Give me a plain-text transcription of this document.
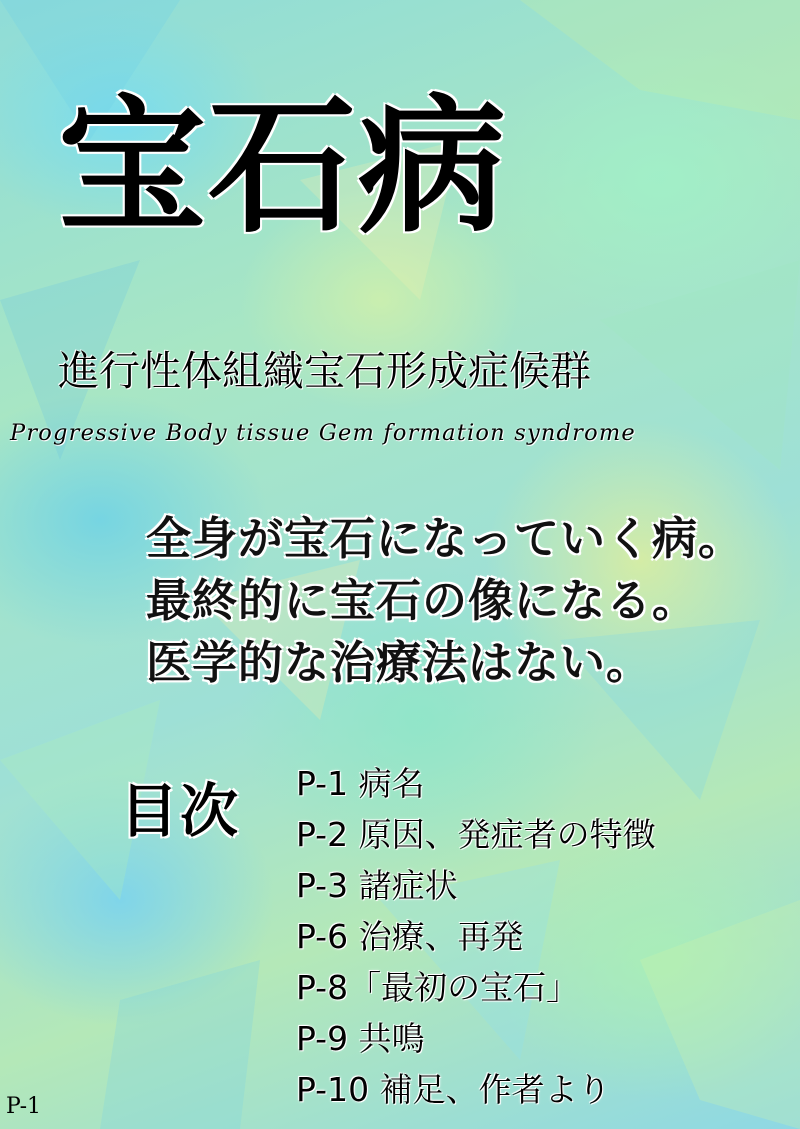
宝石病
進行性体組織宝石形成症候群
Progressive Body tissue Gem formation syndrome
全身が宝石になっていく病。
最終的に宝石の像になる。
医学的な治療法はない。
目次 P-1 病名
P-2 原因、発症者の特徴
P-3 諸症状
P-6 治療、再発
P-8「最初の宝石」
P-9 共鳴
P-10 補足、作者より
P-1
